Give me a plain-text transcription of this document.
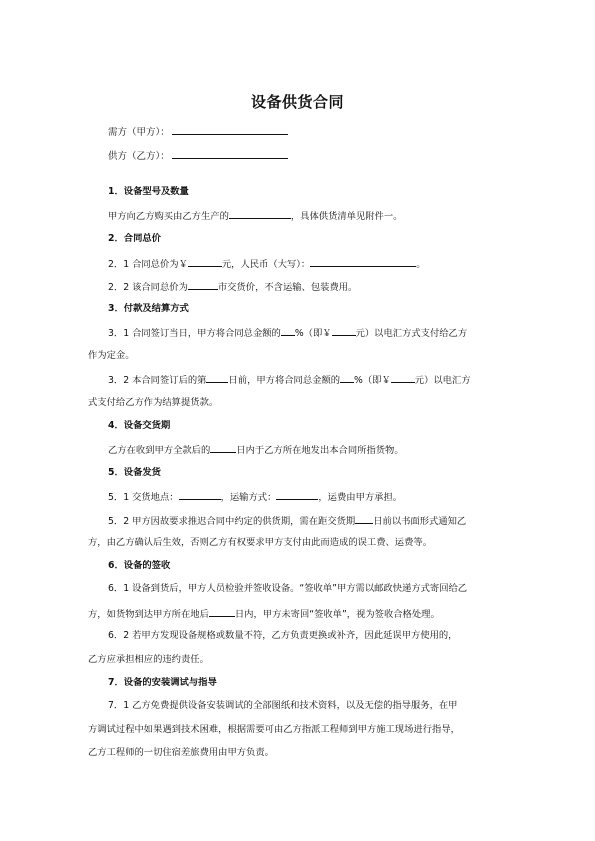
设备供货合同
需方（甲方）：
供方（乙方）：
1．设备型号及数量
甲方向乙方购买由乙方生产的	，具体供货清单见附件一。
2．合同总价
2．1 合同总价为￥	元，人民币（大写）：	。
2．2 该合同总价为	市交货价，不含运输、包装费用。
3．付款及结算方式
3．1 合同签订当日，甲方将合同总金额的 %（即￥	元）以电汇方式支付给乙方
作为定金。
3．2 本合同签订后的第 日前，甲方将合同总金额的 %（即￥	元）以电汇方
式支付给乙方作为结算提货款。
4．设备交货期
乙方在收到甲方全款后的	日内于乙方所在地发出本合同所指货物。
5．设备发货
5．1 交货地点：	，运输方式：	，运费由甲方承担。
5．2 甲方因故要求推迟合同中约定的供货期，需在距交货期 日前以书面形式通知乙
方，由乙方确认后生效，否则乙方有权要求甲方支付由此而造成的误工费、运费等。
6．设备的签收
6．1 设备到货后，甲方人员检验并签收设备。“签收单”甲方需以邮政快递方式寄回给乙
方，如货物到达甲方所在地后	日内，甲方未寄回“签收单”，视为签收合格处理。
6．2 若甲方发现设备规格或数量不符，乙方负责更换或补齐，因此延误甲方使用的，
乙方应承担相应的违约责任。
7．设备的安装调试与指导
7．1 乙方免费提供设备安装调试的全部图纸和技术资料，以及无偿的指导服务，在甲
方调试过程中如果遇到技术困难，根据需要可由乙方指派工程师到甲方施工现场进行指导，
乙方工程师的一切住宿差旅费用由甲方负责。
